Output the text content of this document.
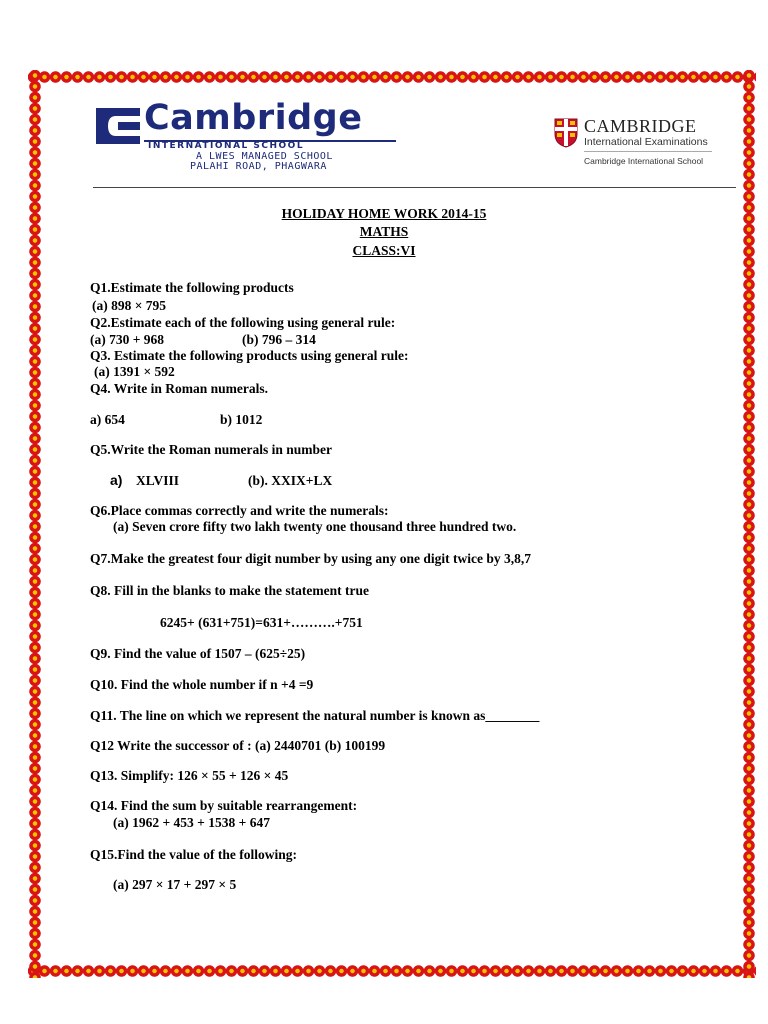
Cambridge
INTERNATIONAL SCHOOL
A LWES MANAGED SCHOOL
PALAHI ROAD, PHAGWARA
CAMBRIDGE
International Examinations
Cambridge International School
HOLIDAY HOME WORK 2014-15
MATHS
CLASS:VI
Q1.Estimate the following products
(a) 898 × 795
Q2.Estimate each of the following using general rule:
(a) 730 + 968	(b) 796 – 314
Q3. Estimate the following products using general rule:
(a) 1391 × 592
Q4. Write in Roman numerals.
a) 654	b) 1012
Q5.Write the Roman numerals in number
a) XLVIII	(b). XXIX+LX
Q6.Place commas correctly and write the numerals:
(a) Seven crore fifty two lakh twenty one thousand three hundred two.
Q7.Make the greatest four digit number by using any one digit twice by 3,8,7
Q8. Fill in the blanks to make the statement true
6245+ (631+751)=631+……….+751
Q9. Find the value of 1507 – (625÷25)
Q10. Find the whole number if n +4 =9
Q11. The line on which we represent the natural number is known as________
Q12 Write the successor of : (a) 2440701 (b) 100199
Q13. Simplify: 126 × 55 + 126 × 45
Q14. Find the sum by suitable rearrangement:
(a) 1962 + 453 + 1538 + 647
Q15.Find the value of the following:
(a) 297 × 17 + 297 × 5
